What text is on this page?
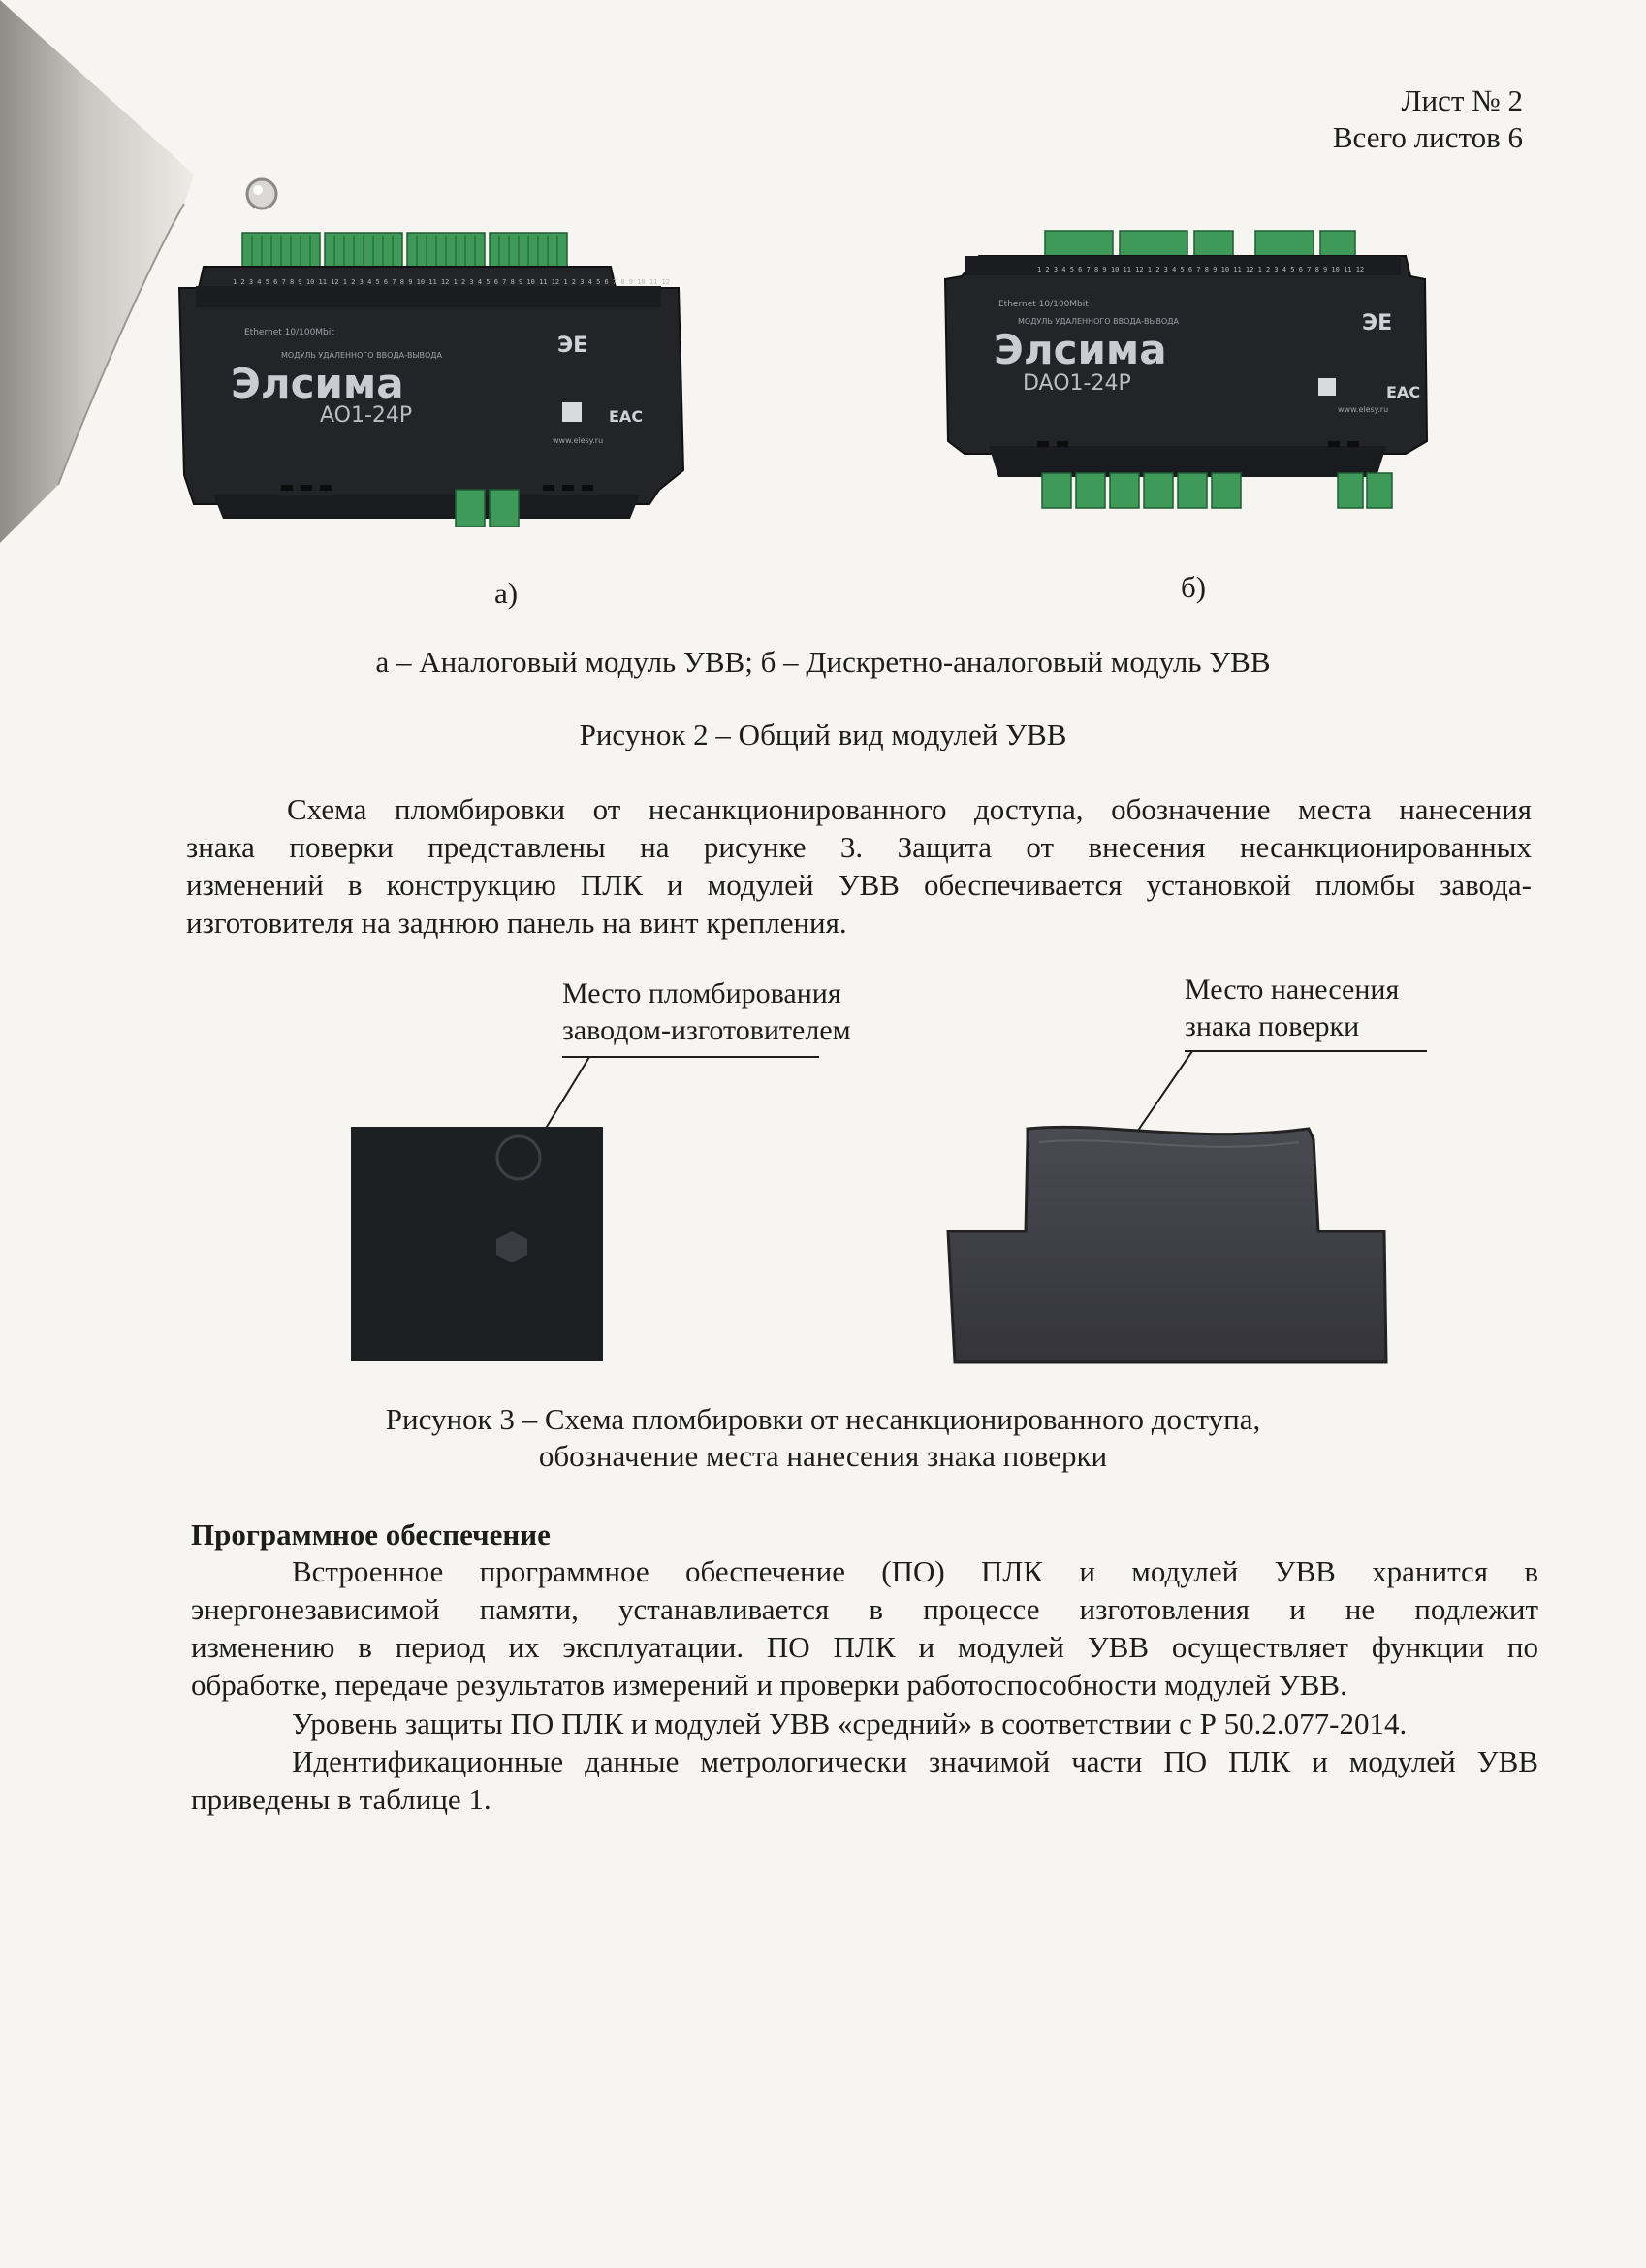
Лист № 2
Всего листов 6
1 2 3 4 5 6 7 8 9 10 11 12 1 2 3 4 5 6 7 8 9 10 11 12 1 2 3 4 5 6 7 8 9 10 11 12 1 2 3 4 5 6 7 8 9 10 11 12
Ethernet 10/100Mbit
МОДУЛЬ УДАЛЕННОГО ВВОДА-ВЫВОДА
Элсима
AO1-24P
ЭЕ
EAC
www.elesy.ru
1 2 3 4 5 6 7 8 9 10 11 12 1 2 3 4 5 6 7 8 9 10 11 12 1 2 3 4 5 6 7 8 9 10 11 12
Ethernet 10/100Mbit
МОДУЛЬ УДАЛЕННОГО ВВОДА-ВЫВОДА
Элсима
DAO1-24P
ЭЕ
EAC
www.elesy.ru
а)	б)
а – Аналоговый модуль УВВ; б – Дискретно-аналоговый модуль УВВ
Рисунок 2 – Общий вид модулей УВВ
Схема пломбировки от несанкционированного доступа, обозначение места нанесения
знака поверки представлены на рисунке 3. Защита от внесения несанкционированных
изменений в конструкцию ПЛК и модулей УВВ обеспечивается установкой пломбы завода-
изготовителя на заднюю панель на винт крепления.
Место пломбирования
заводом-изготовителем
Место нанесения
знака поверки
Рисунок 3 – Схема пломбировки от несанкционированного доступа,
обозначение места нанесения знака поверки
Программное обеспечение
Встроенное программное обеспечение (ПО) ПЛК и модулей УВВ хранится в
энергонезависимой памяти, устанавливается в процессе изготовления и не подлежит
изменению в период их эксплуатации. ПО ПЛК и модулей УВВ осуществляет функции по
обработке, передаче результатов измерений и проверки работоспособности модулей УВВ.
Уровень защиты ПО ПЛК и модулей УВВ «средний» в соответствии с Р 50.2.077-2014.
Идентификационные данные метрологически значимой части ПО ПЛК и модулей УВВ
приведены в таблице 1.
